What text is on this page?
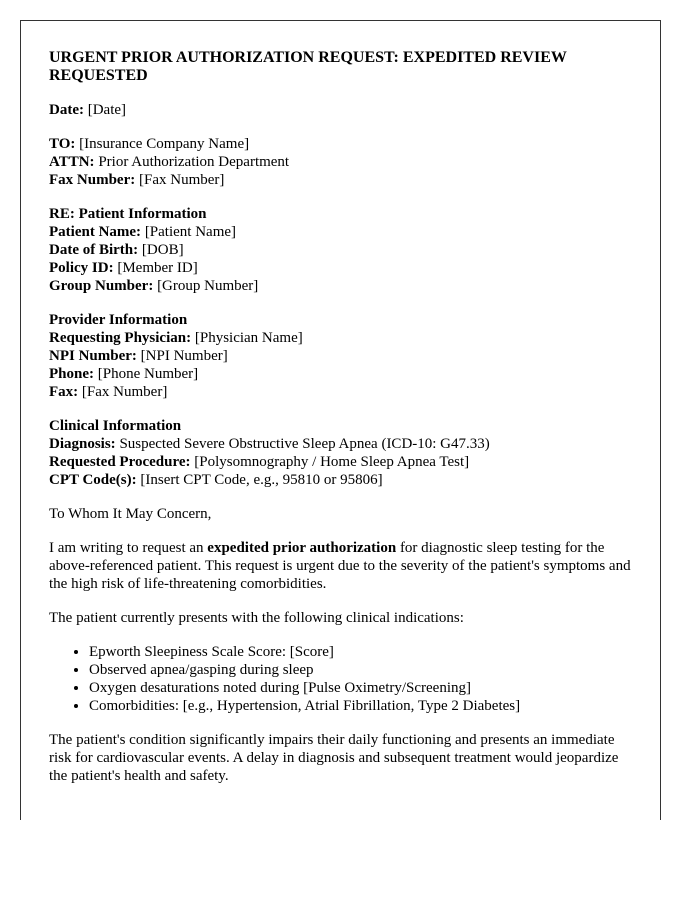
URGENT PRIOR AUTHORIZATION REQUEST: EXPEDITED REVIEW REQUESTED
Date: [Date]
TO: [Insurance Company Name]
ATTN: Prior Authorization Department
Fax Number: [Fax Number]
RE: Patient Information
Patient Name: [Patient Name]
Date of Birth: [DOB]
Policy ID: [Member ID]
Group Number: [Group Number]
Provider Information
Requesting Physician: [Physician Name]
NPI Number: [NPI Number]
Phone: [Phone Number]
Fax: [Fax Number]
Clinical Information
Diagnosis: Suspected Severe Obstructive Sleep Apnea (ICD-10: G47.33)
Requested Procedure: [Polysomnography / Home Sleep Apnea Test]
CPT Code(s): [Insert CPT Code, e.g., 95810 or 95806]

To Whom It May Concern,

I am writing to request an expedited prior authorization for diagnostic sleep testing for the above-referenced patient. This request is urgent due to the severity of the patient's symptoms and the high risk of life-threatening comorbidities.

The patient currently presents with the following clinical indications:

• Epworth Sleepiness Scale Score: [Score]
• Observed apnea/gasping during sleep
• Oxygen desaturations noted during [Pulse Oximetry/Screening]
• Comorbidities: [e.g., Hypertension, Atrial Fibrillation, Type 2 Diabetes]

The patient's condition significantly impairs their daily functioning and presents an immediate risk for cardiovascular events. A delay in diagnosis and subsequent treatment would jeopardize the patient's health and safety.
